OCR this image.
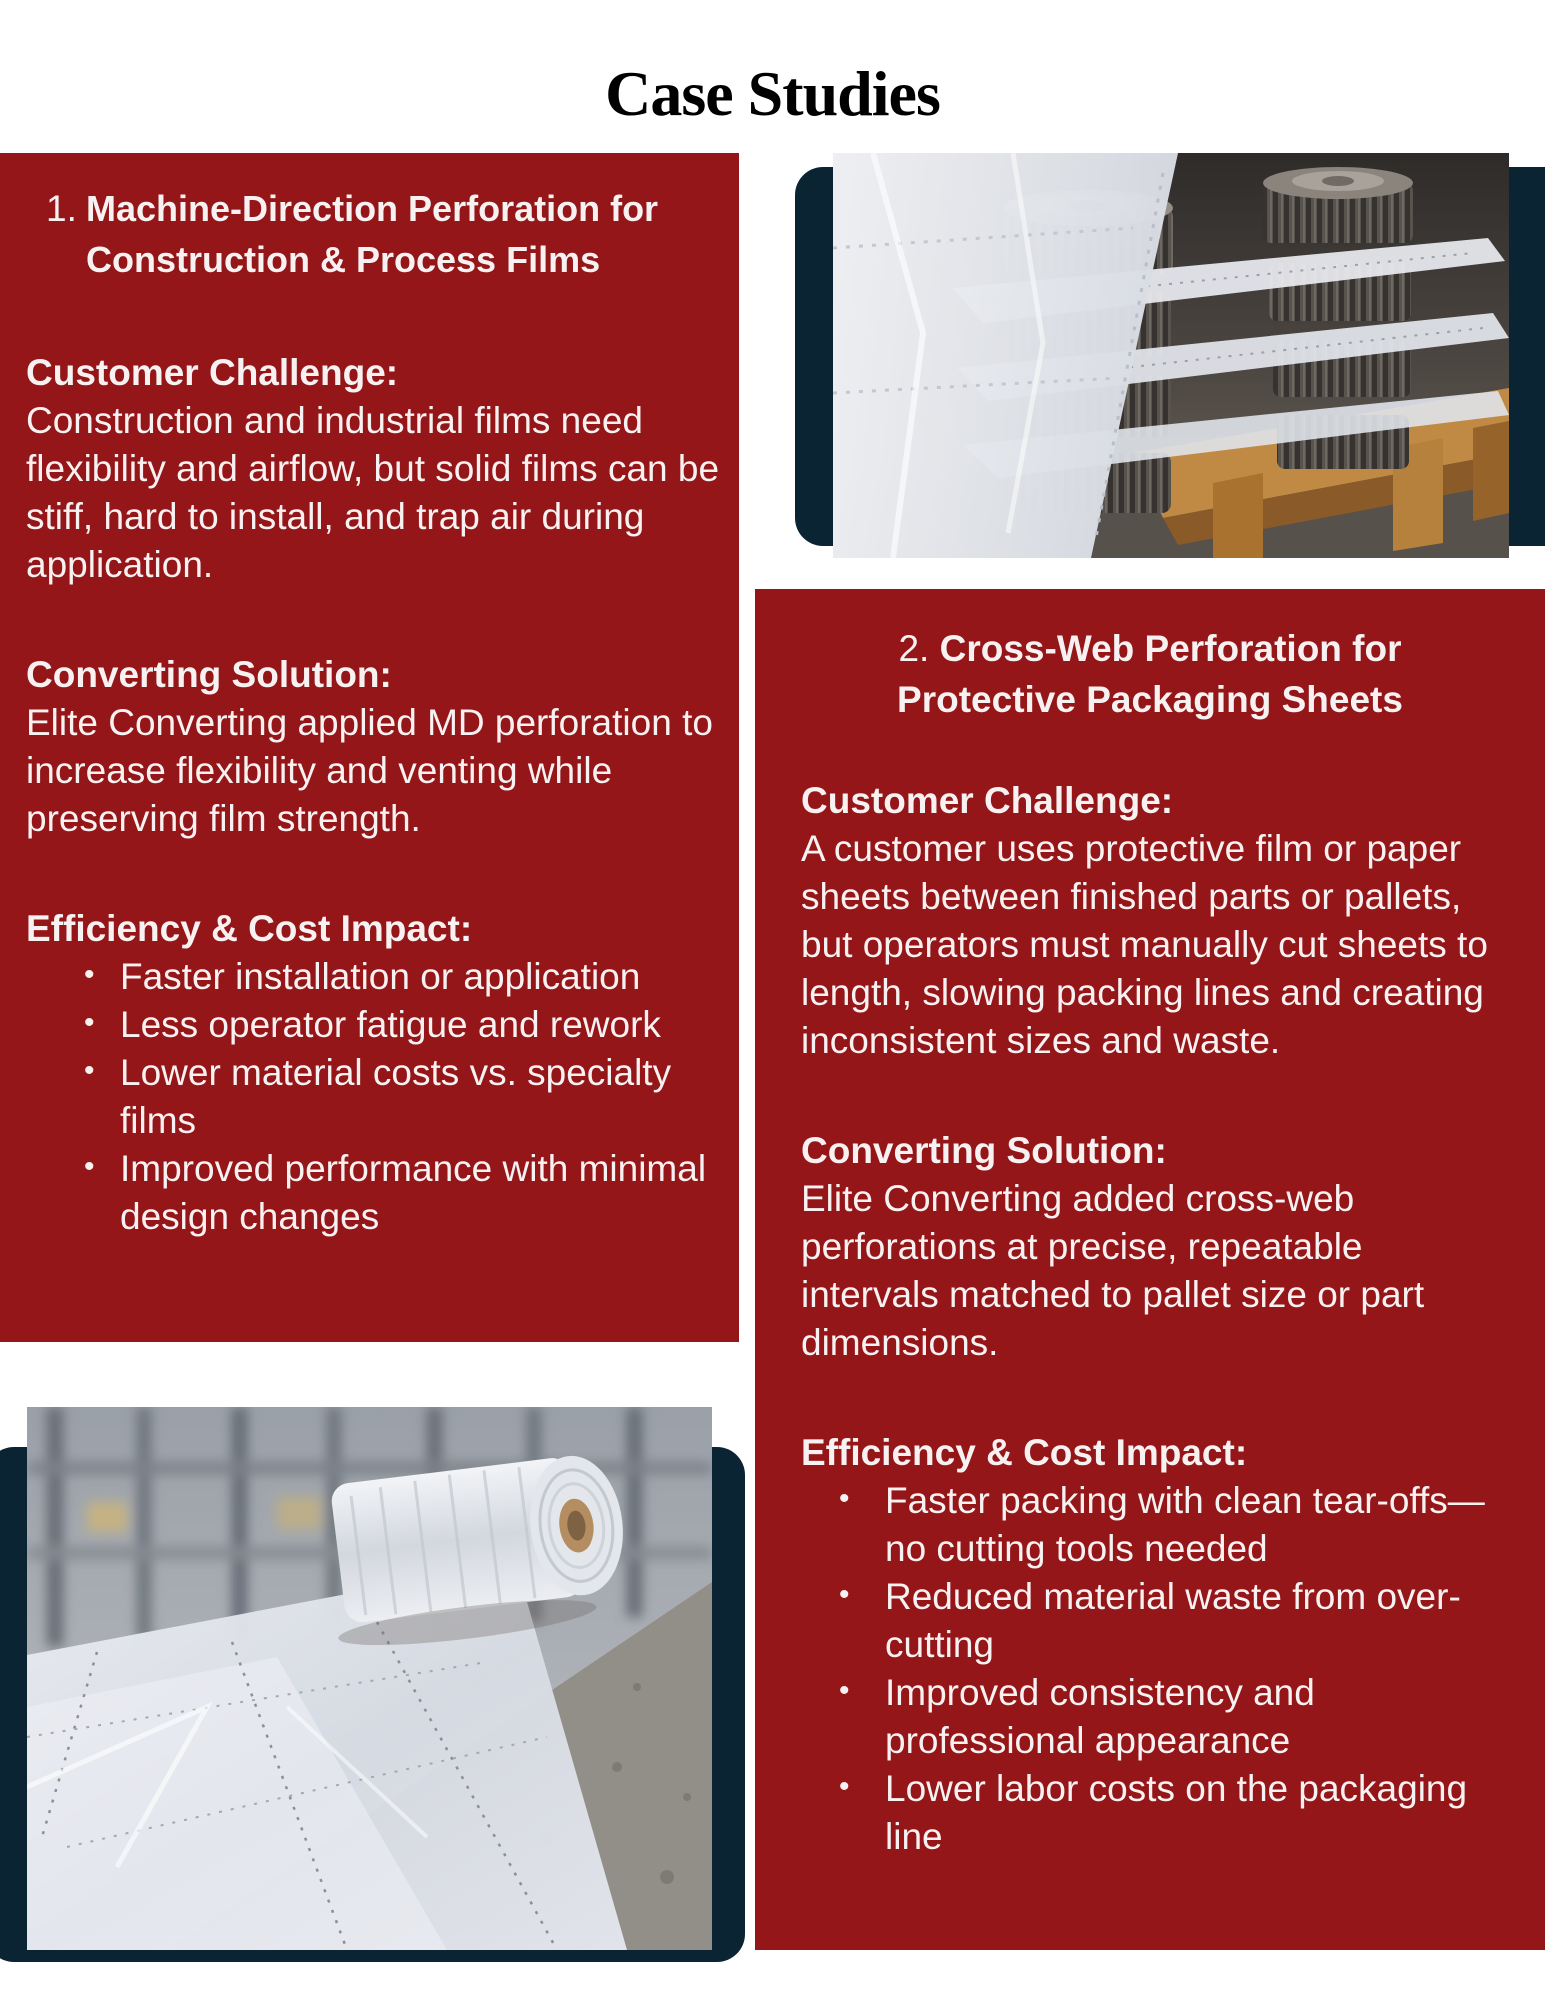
Case Studies
1. Machine-Direction Perforation for Construction & Process Films
Customer Challenge:

Construction and industrial films need flexibility and airflow, but solid films can be stiff, hard to install, and trap air during application.

Converting Solution:

Elite Converting applied MD perforation to increase flexibility and venting while preserving film strength.

Efficiency & Cost Impact:
• Faster installation or application
• Less operator fatigue and rework
• Lower material costs vs. specialty films
• Improved performance with minimal design changes
2. Cross-Web Perforation for Protective Packaging Sheets
Customer Challenge:

A customer uses protective film or paper sheets between finished parts or pallets, but operators must manually cut sheets to length, slowing packing lines and creating inconsistent sizes and waste.

Converting Solution:

Elite Converting added cross-web perforations at precise, repeatable intervals matched to pallet size or part dimensions.

Efficiency & Cost Impact:
• Faster packing with clean tear-offs—no cutting tools needed
• Reduced material waste from over-cutting
• Improved consistency and professional appearance
• Lower labor costs on the packaging line
